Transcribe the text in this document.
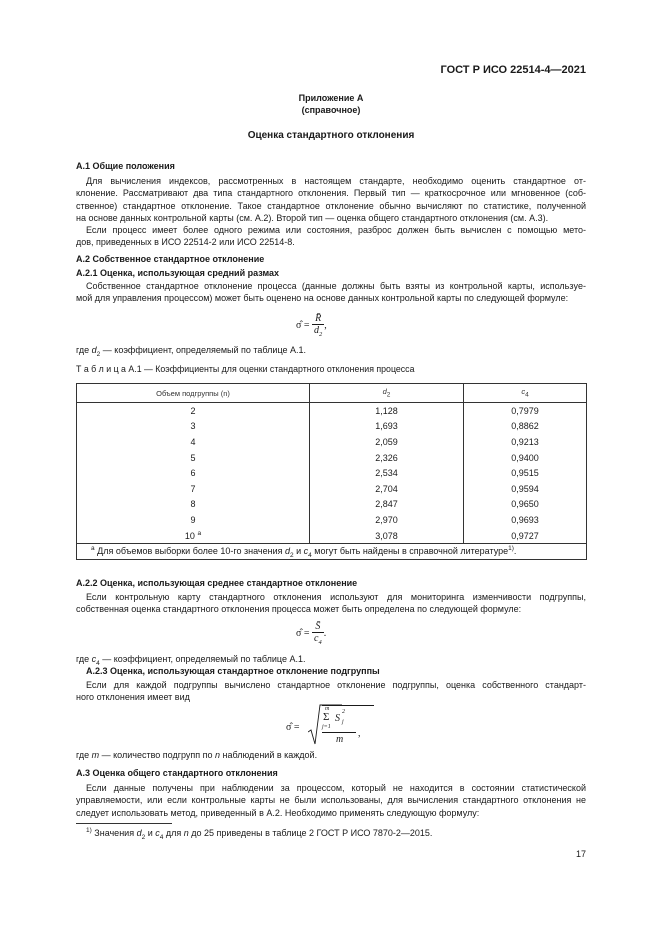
ГОСТ Р ИСО 22514-4—2021
Приложение А
(справочное)
Оценка стандартного отклонения
А.1 Общие положения
Для вычисления индексов, рассмотренных в настоящем стандарте, необходимо оценить стандартное от-
клонение. Рассматривают два типа стандартного отклонения. Первый тип — краткосрочное или мгновенное (соб-
ственное) стандартное отклонение. Такое стандартное отклонение обычно вычисляют по статистике, полученной
на основе данных контрольной карты (см. А.2). Второй тип — оценка общего стандартного отклонения (см. А.3).
Если процесс имеет более одного режима или состояния, разброс должен быть вычислен с помощью мето-
дов, приведенных в ИСО 22514-2 или ИСО 22514-8.
А.2 Собственное стандартное отклонение
А.2.1 Оценка, использующая средний размах
Собственное стандартное отклонение процесса (данные должны быть взяты из контрольной карты, использye-
мой для управления процессом) может быть оценено на основе данных контрольной карты по следующей формуле:
σ̂ = $\frac{R̄}{d_2}$ ,
где $d_2$ — коэффициент, определяемый по таблице А.1.
Т а б л и ц а А.1 — Коэффициенты для оценки стандартного отклонения процесса
Объем подгруппы (n)	$d_2$	$c_4$
2	1,128	0,7979
3	1,693	0,8862
4	2,059	0,9213
5	2,326	0,9400
6	2,534	0,9515
7	2,704	0,9594
8	2,847	0,9650
9	2,970	0,9693
10 $^a$	3,078	0,9727
$^a$ Для объемов выборки более 10-го значения $d_2$ и $c_4$ могут быть найдены в справочной литературе$^{1)}$.		
А.2.2 Оценка, использующая среднее стандартное отклонение
Если контрольную карту стандартного отклонения используют для мониторинга изменчивости подгруппы,
собственная оценка стандартного отклонения процесса может быть определена по следующей формуле:
σ̂ = $\frac{S̄}{c_4}$ .
где $c_4$ — коэффициент, определяемый по таблице А.1.
А.2.3 Оценка, использующая стандартное отклонение подгруппы
Если для каждой подгруппы вычислено стандартное отклонение подгруппы, оценка собственного стандарт-
ного отклонения имеет вид
σ̂ =
m
Σ S
2
j
j=1
m
,
где m — количество подгрупп по n наблюдений в каждой.
А.3 Оценка общего стандартного отклонения
Если данные получены при наблюдении за процессом, который не находится в состоянии статистической
управляемости, или если контрольные карты не были использованы, для вычисления стандартного отклонения не
следует использовать метод, приведенный в А.2. Необходимо применять следующую формулу:
$^{1)}$ Значения $d_2$ и $c_4$ для n до 25 приведены в таблице 2 ГОСТ Р ИСО 7870-2—2015.
17
